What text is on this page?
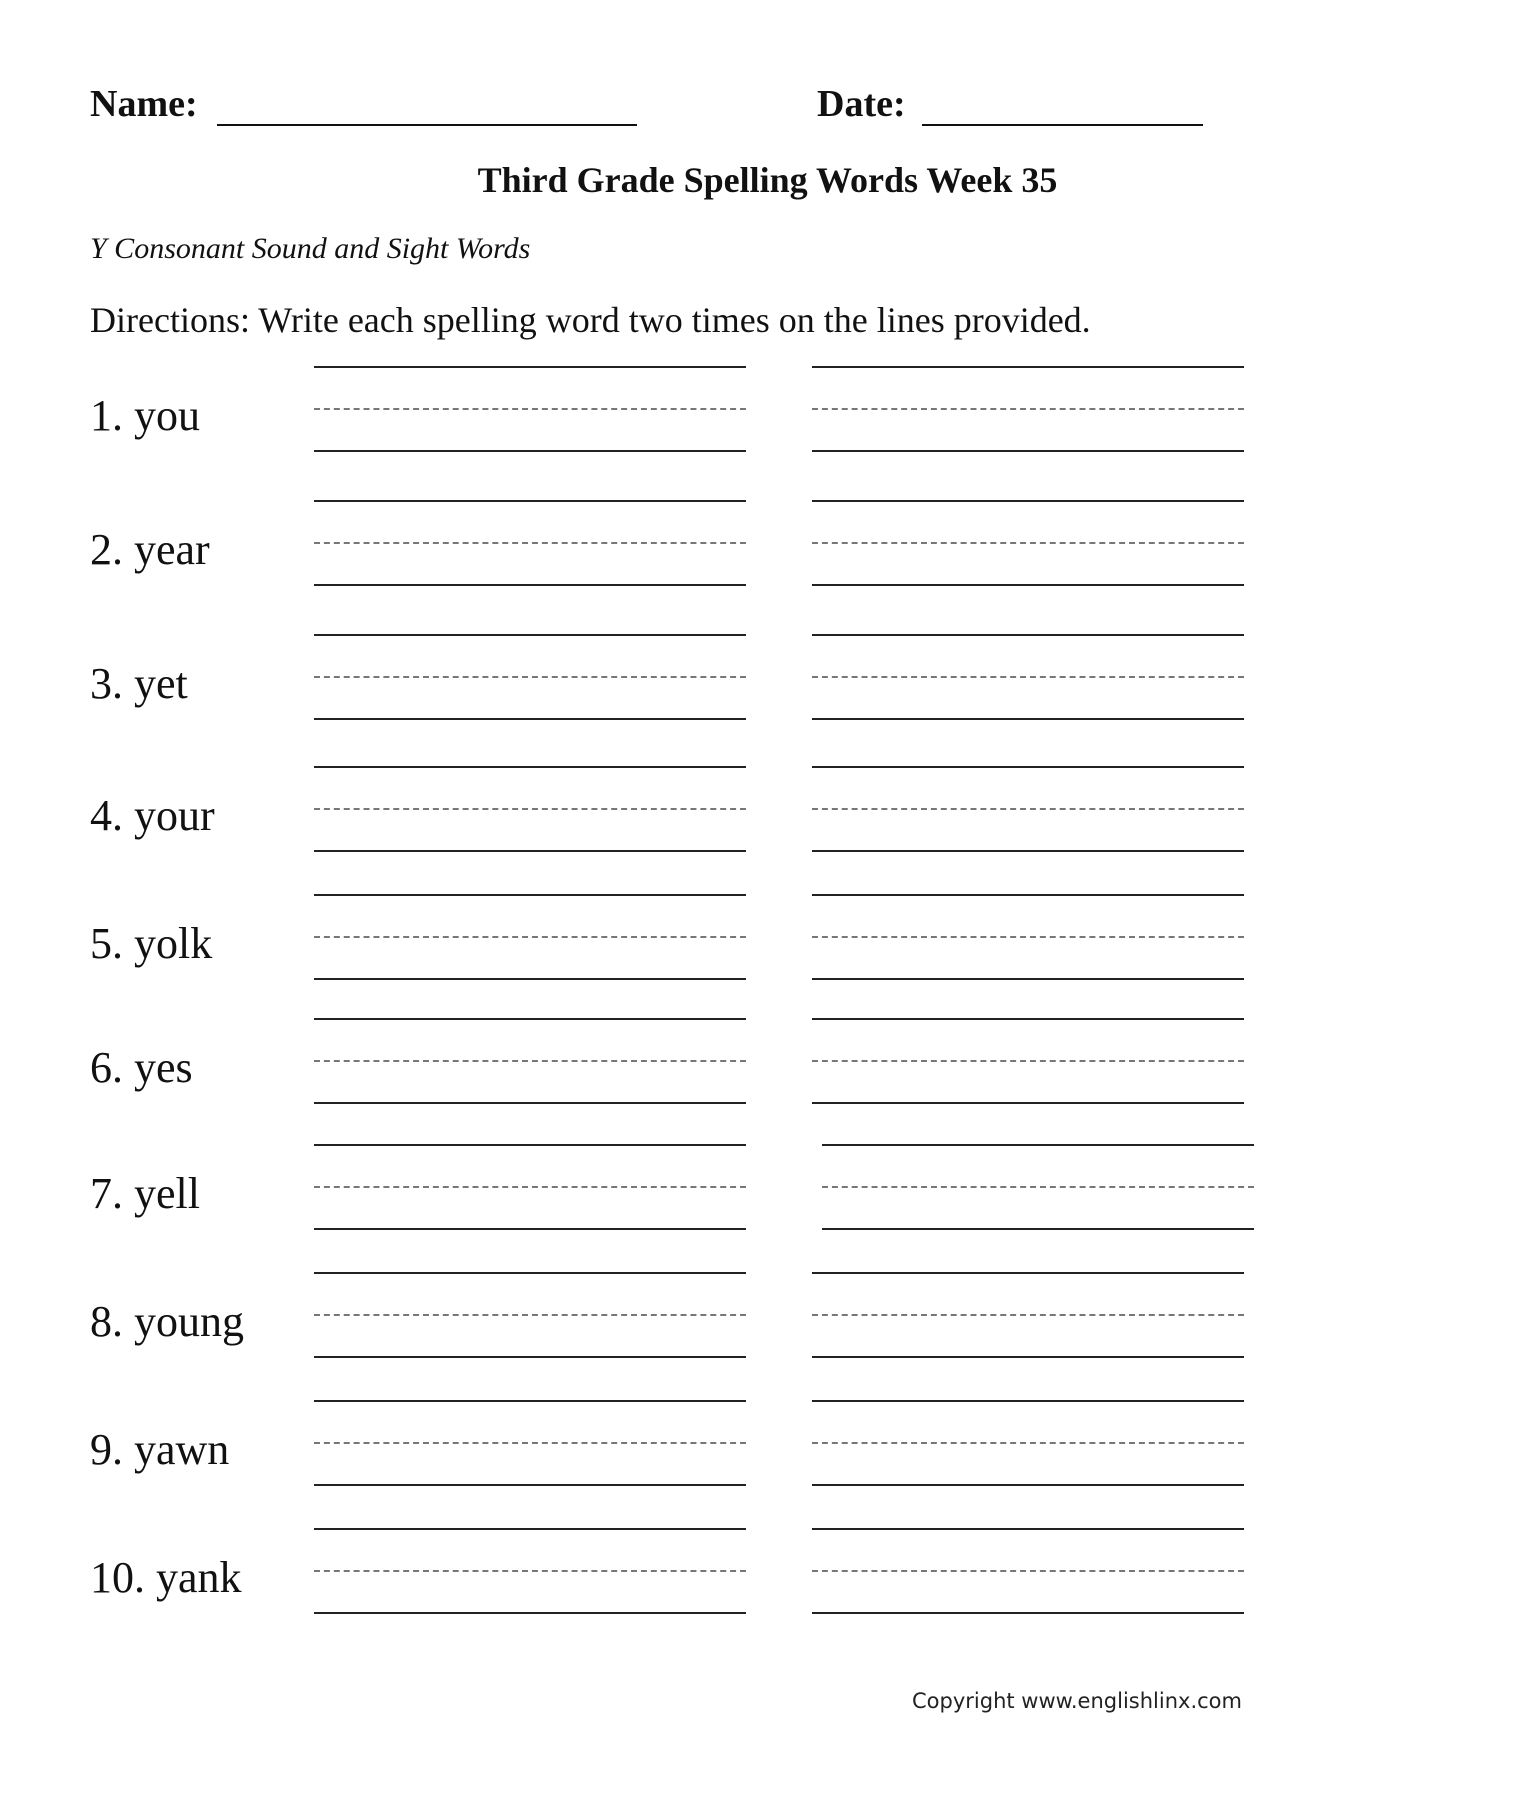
Name:	Date:
Third Grade Spelling Words Week 35
Y Consonant Sound and Sight Words
Directions: Write each spelling word two times on the lines provided.
1. you
2. year
3. yet
4. your
5. yolk
6. yes
7. yell
8. young
9. yawn
10. yank
Copyright www.englishlinx.com
